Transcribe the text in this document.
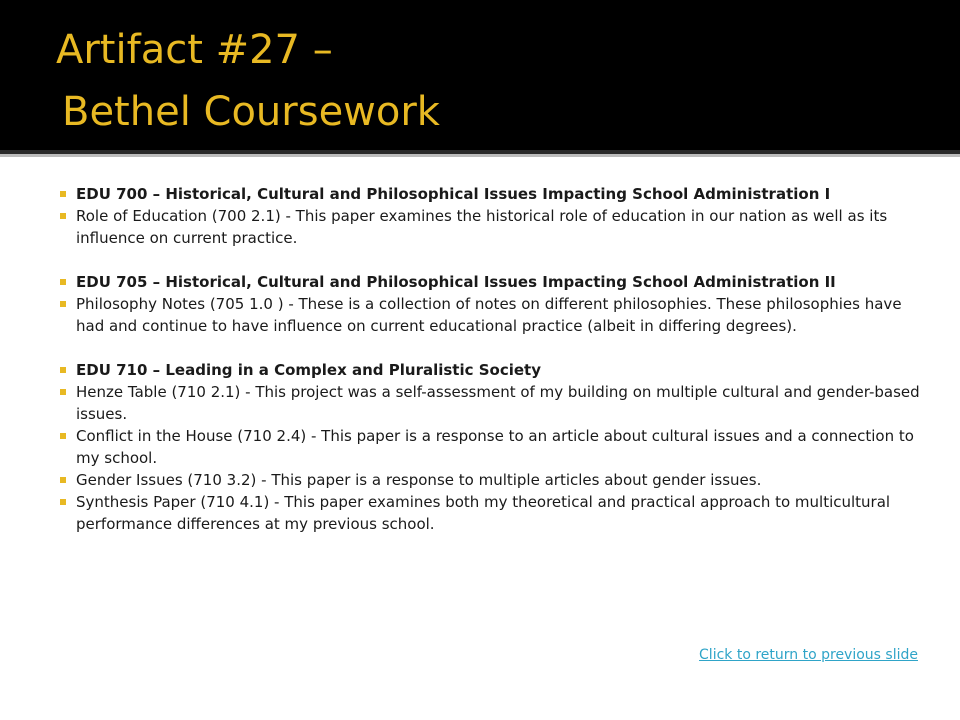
Artifact #27 –
Bethel Coursework
EDU 700 – Historical, Cultural and Philosophical Issues Impacting School Administration I
Role of Education (700 2.1) - This paper examines the historical role of education in our nation as well as its influence on current practice.
EDU 705 – Historical, Cultural and Philosophical Issues Impacting School Administration II
Philosophy Notes (705 1.0 ) - These is a collection of notes on different philosophies. These philosophies have had and continue to have influence on current educational practice (albeit in differing degrees).
EDU 710 – Leading in a Complex and Pluralistic Society
Henze Table (710 2.1) - This project was a self-assessment of my building on multiple cultural and gender-based issues.
Conflict in the House (710 2.4) - This paper is a response to an article about cultural issues and a connection to my school.
Gender Issues (710 3.2) - This paper is a response to multiple articles about gender issues.
Synthesis Paper (710 4.1) - This paper examines both my theoretical and practical approach to multicultural performance differences at my previous school.
Click to return to previous slide
